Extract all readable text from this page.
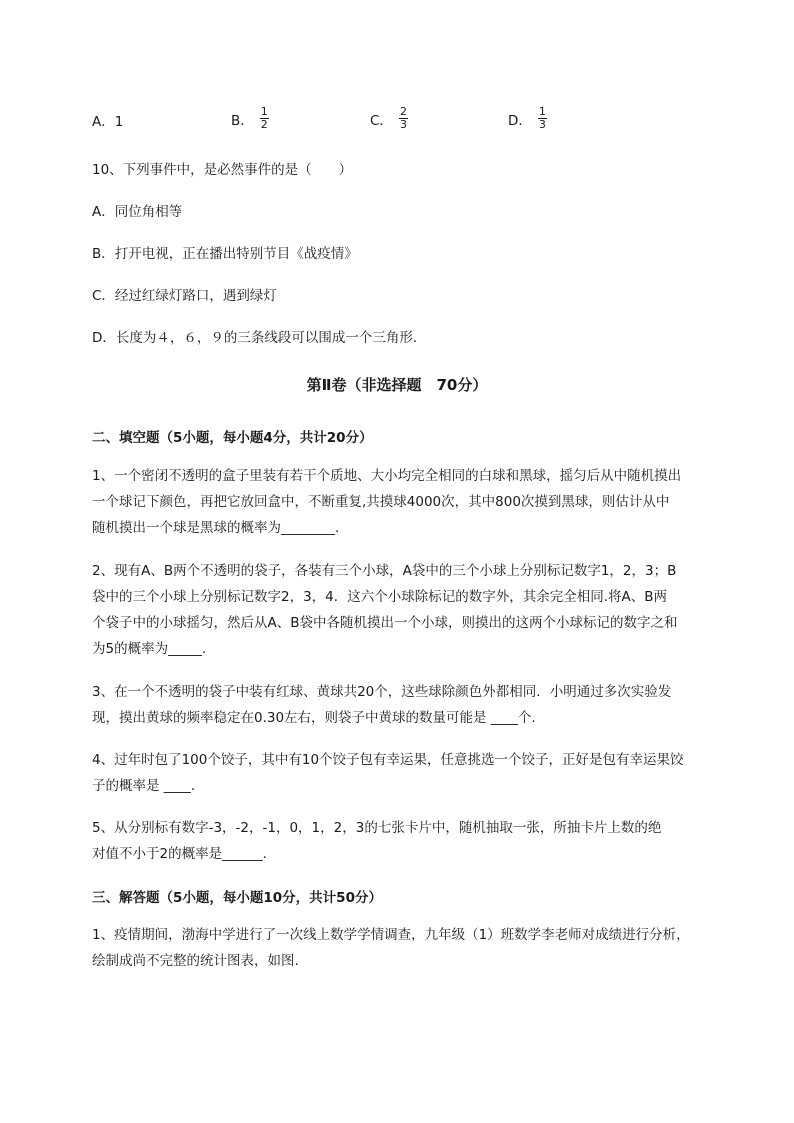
A．1	B． $\frac{1}{2}$	C． $\frac{2}{3}$	D． $\frac{1}{3}$
10、下列事件中，是必然事件的是（　　）
A．同位角相等
B．打开电视，正在播出特别节目《战疫情》
C．经过红绿灯路口，遇到绿灯
D．长度为４，６，９的三条线段可以围成一个三角形．
第Ⅱ卷（非选择题　70分）
二、填空题（5小题，每小题4分，共计20分）
1、一个密闭不透明的盒子里装有若干个质地、大小均完全相同的白球和黑球，摇匀后从中随机摸出
一个球记下颜色，再把它放回盒中，不断重复,共摸球4000次，其中800次摸到黑球，则估计从中
随机摸出一个球是黑球的概率为________.
2、现有A、B两个不透明的袋子，各装有三个小球，A袋中的三个小球上分别标记数字1，2，3；B
袋中的三个小球上分别标记数字2，3，4．这六个小球除标记的数字外，其余完全相同.将A、B两
个袋子中的小球摇匀，然后从A、B袋中各随机摸出一个小球，则摸出的这两个小球标记的数字之和
为5的概率为_____.
3、在一个不透明的袋子中装有红球、黄球共20个，这些球除颜色外都相同．小明通过多次实验发
现，摸出黄球的频率稳定在0.30左右，则袋子中黄球的数量可能是 ____个.
4、过年时包了100个饺子，其中有10个饺子包有幸运果，任意挑选一个饺子，正好是包有幸运果饺
子的概率是 ____.
5、从分别标有数字-3，-2，-1，0，1，2，3的七张卡片中，随机抽取一张，所抽卡片上数的绝
对值不小于2的概率是______.
三、解答题（5小题，每小题10分，共计50分）
1、疫情期间，渤海中学进行了一次线上数学学情调查，九年级（1）班数学李老师对成绩进行分析，
绘制成尚不完整的统计图表，如图.
